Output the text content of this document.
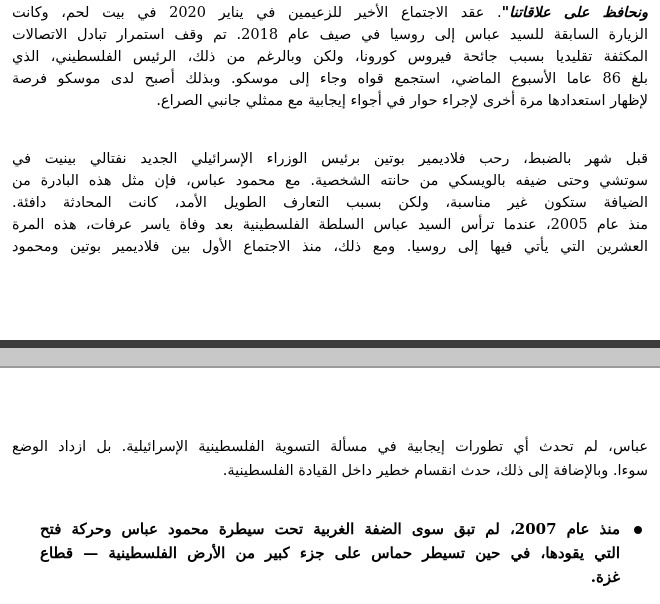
ونحافظ على علاقاتنا". عقد الاجتماع الأخير للزعيمين في يناير 2020 في بيت لحم، وكانت
الزيارة السابقة للسيد عباس إلى روسيا في صيف عام 2018. تم وقف استمرار تبادل الاتصالات
المكثفة تقليديا بسبب جائحة فيروس كورونا، ولكن وبالرغم من ذلك، الرئيس الفلسطيني، الذي
بلغ 86 عاما الأسبوع الماضي، استجمع قواه وجاء إلى موسكو. وبذلك أصبح لدى موسكو فرصة
لإظهار استعدادها مرة أخرى لإجراء حوار في أجواء إيجابية مع ممثلي جانبي الصراع.
قبل شهر بالضبط، رحب فلاديمير بوتين برئيس الوزراء الإسرائيلي الجديد نفتالي بينيت في
سوتشي وحتى ضيفه بالويسكي من حانته الشخصية. مع محمود عباس، فإن مثل هذه البادرة من
الضيافة ستكون غير مناسبة، ولكن بسبب التعارف الطويل الأمد، كانت المحادثة دافئة.
منذ عام 2005، عندما ترأس السيد عباس السلطة الفلسطينية بعد وفاة ياسر عرفات، هذه المرة
العشرين التي يأتي فيها إلى روسيا. ومع ذلك، منذ الاجتماع الأول بين فلاديمير بوتين ومحمود
عباس، لم تحدث أي تطورات إيجابية في مسألة التسوية الفلسطينية الإسرائيلية. بل ازداد الوضع
سوءا. وبالإضافة إلى ذلك، حدث انقسام خطير داخل القيادة الفلسطينية.
منذ عام 2007، لم تبق سوى الضفة الغربية تحت سيطرة محمود عباس وحركة فتح
التي يقودها، في حين تسيطر حماس على جزء كبير من الأرض الفلسطينية — قطاع
غزة.
